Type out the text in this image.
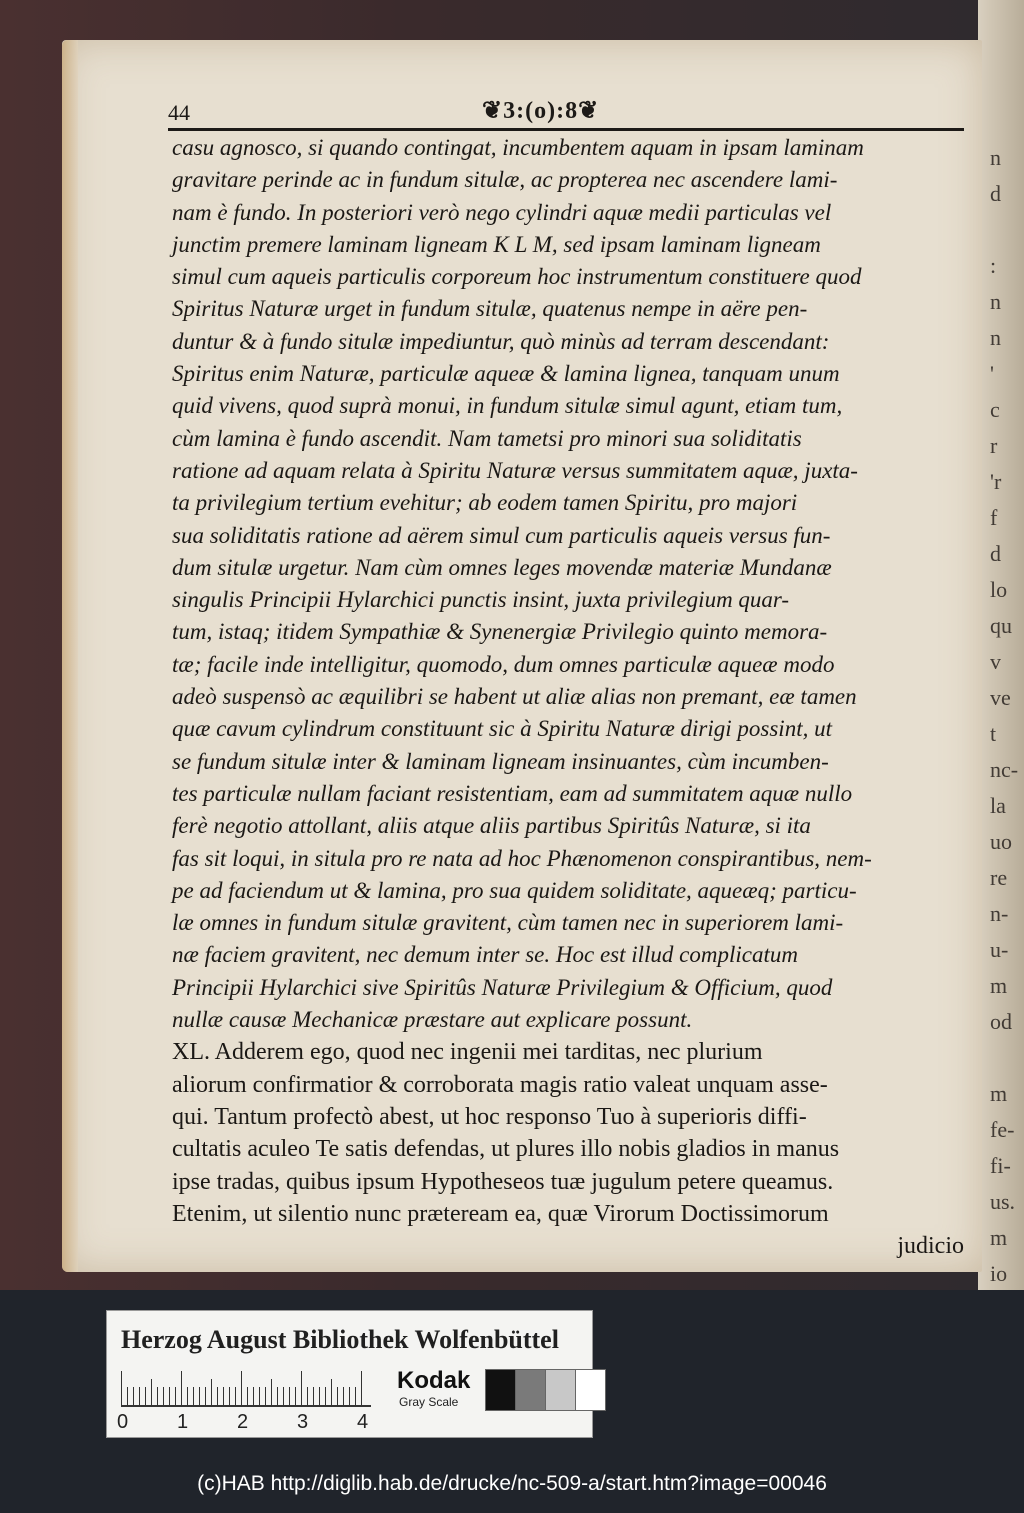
n
d

:
n
n
'
c
r
'r
f
d
lo
qu
v
ve
t
nc-
la
uo
re
n-
u-
m
od

m
fe-
fi-
us.
m
io
44	❦3:(o):8❦
casu agnosco, si quando contingat, incumbentem aquam in ipsam laminam
gravitare perinde ac in fundum situlæ, ac propterea nec ascendere lami-
nam è fundo. In posteriori verò nego cylindri aquæ medii particulas vel
junctim premere laminam ligneam K L M, sed ipsam laminam ligneam
simul cum aqueis particulis corporeum hoc instrumentum constituere quod
Spiritus Naturæ urget in fundum situlæ, quatenus nempe in aëre pen-
duntur & à fundo situlæ impediuntur, quò minùs ad terram descendant:
Spiritus enim Naturæ, particulæ aqueæ & lamina lignea, tanquam unum
quid vivens, quod suprà monui, in fundum situlæ simul agunt, etiam tum,
cùm lamina è fundo ascendit. Nam tametsi pro minori sua soliditatis
ratione ad aquam relata à Spiritu Naturæ versus summitatem aquæ, juxta-
ta privilegium tertium evehitur; ab eodem tamen Spiritu, pro majori
sua soliditatis ratione ad aërem simul cum particulis aqueis versus fun-
dum situlæ urgetur. Nam cùm omnes leges movendæ materiæ Mundanæ
singulis Principii Hylarchici punctis insint, juxta privilegium quar-
tum, istaq; itidem Sympathiæ & Synenergiæ Privilegio quinto memora-
tæ; facile inde intelligitur, quomodo, dum omnes particulæ aqueæ modo
adeò suspensò ac æquilibri se habent ut aliæ alias non premant, eæ tamen
quæ cavum cylindrum constituunt sic à Spiritu Naturæ dirigi possint, ut
se fundum situlæ inter & laminam ligneam insinuantes, cùm incumben-
tes particulæ nullam faciant resistentiam, eam ad summitatem aquæ nullo
ferè negotio attollant, aliis atque aliis partibus Spiritûs Naturæ, si ita
fas sit loqui, in situla pro re nata ad hoc Phænomenon conspirantibus, nem-
pe ad faciendum ut & lamina, pro sua quidem soliditate, aqueæq; particu-
læ omnes in fundum situlæ gravitent, cùm tamen nec in superiorem lami-
næ faciem gravitent, nec demum inter se. Hoc est illud complicatum
Principii Hylarchici sive Spiritûs Naturæ Privilegium & Officium, quod
nullæ causæ Mechanicæ præstare aut explicare possunt.
XL. Adderem ego, quod nec ingenii mei tarditas, nec plurium
aliorum confirmatior & corroborata magis ratio valeat unquam asse-
qui. Tantum profectò abest, ut hoc responso Tuo à superioris diffi-
cultatis aculeo Te satis defendas, ut plures illo nobis gladios in manus
ipse tradas, quibus ipsum Hypotheseos tuæ jugulum petere queamus.
Etenim, ut silentio nunc præteream ea, quæ Virorum Doctissimorum
judicio
Herzog August Bibliothek Wolfenbüttel
0 1 2 3 4
Kodak
Gray Scale
(c)HAB http://diglib.hab.de/drucke/nc-509-a/start.htm?image=00046
